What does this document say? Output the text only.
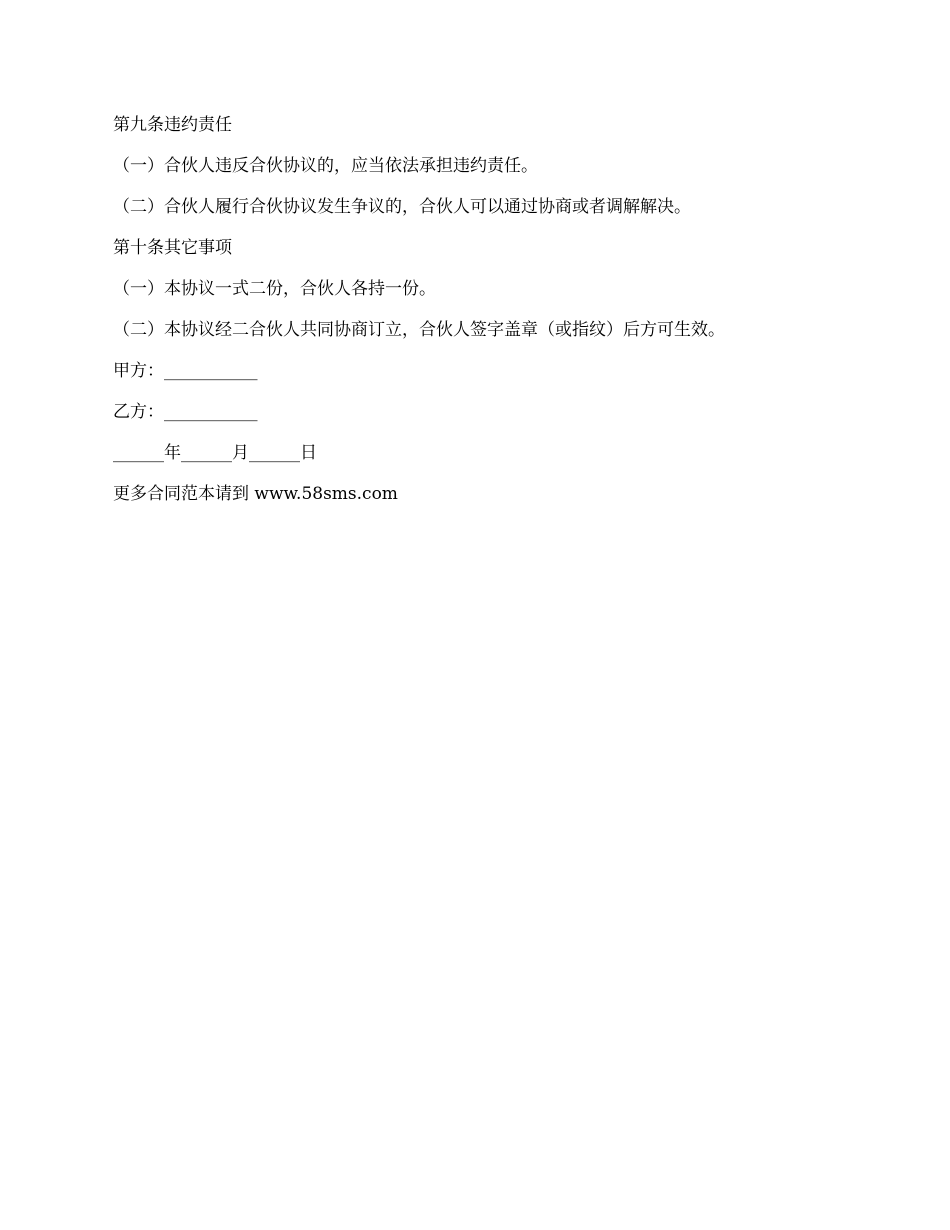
第九条违约责任
（一）合伙人违反合伙协议的，应当依法承担违约责任。
（二）合伙人履行合伙协议发生争议的，合伙人可以通过协商或者调解解决。
第十条其它事项
（一）本协议一式二份，合伙人各持一份。
（二）本协议经二合伙人共同协商订立，合伙人签字盖章（或指纹）后方可生效。
甲方：___________
乙方：___________
______年______月______日
更多合同范本请到 www.58sms.com
